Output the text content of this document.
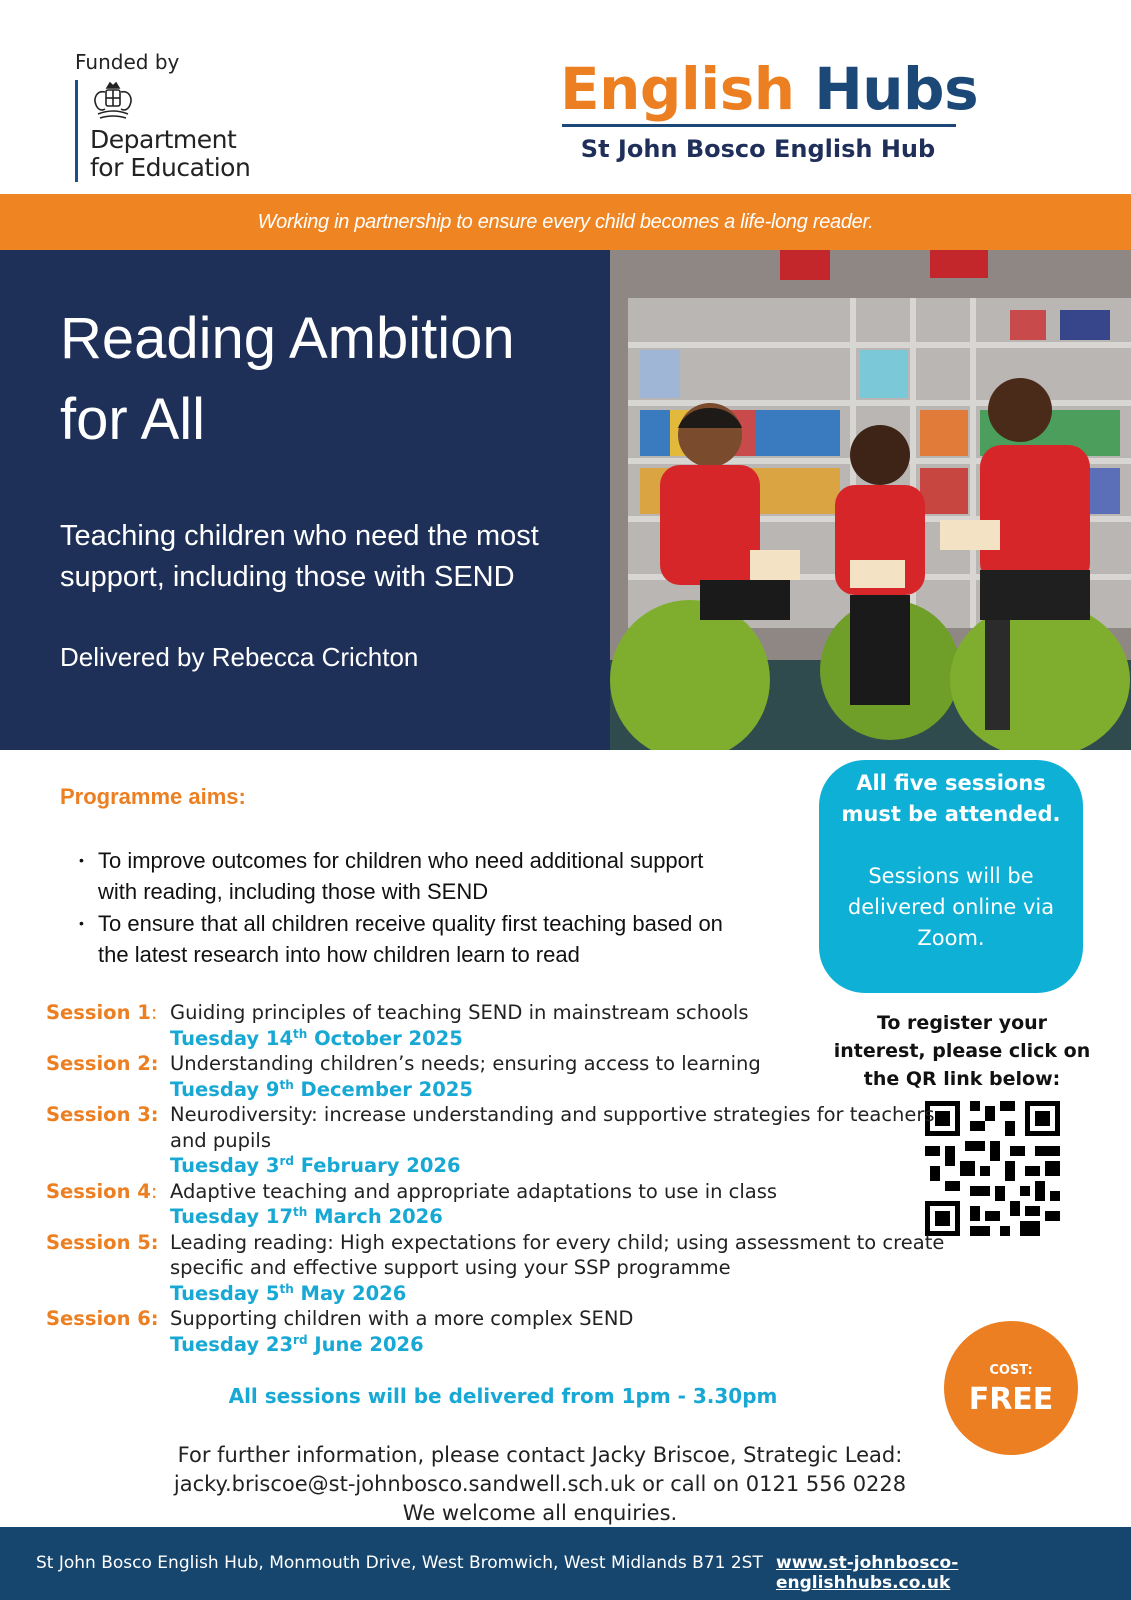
Funded by
Department
for Education
English Hubs
St John Bosco English Hub
Working in partnership to ensure every child becomes a life-long reader.
Reading Ambition
for All
Teaching children who need the most support, including those with SEND
Delivered by Rebecca Crichton
Programme aims:
• To improve outcomes for children who need additional support with reading, including those with SEND
• To ensure that all children receive quality first teaching based on the latest research into how children learn to read
All five sessions must be attended.
Sessions will be delivered online via Zoom.
To register your interest, please click on the QR link below:
Session 1: Guiding principles of teaching SEND in mainstream schools
Tuesday 14th October 2025
Session 2: Understanding children’s needs; ensuring access to learning
Tuesday 9th December 2025
Session 3: Neurodiversity: increase understanding and supportive strategies for teachers and pupils
Tuesday 3rd February 2026
Session 4: Adaptive teaching and appropriate adaptations to use in class
Tuesday 17th March 2026
Session 5: Leading reading: High expectations for every child; using assessment to create specific and effective support using your SSP programme
Tuesday 5th May 2026
Session 6: Supporting children with a more complex SEND
Tuesday 23rd June 2026
All sessions will be delivered from 1pm - 3.30pm
COST:
FREE
For further information, please contact Jacky Briscoe, Strategic Lead:
jacky.briscoe@st-johnbosco.sandwell.sch.uk or call on 0121 556 0228
We welcome all enquiries.
St John Bosco English Hub, Monmouth Drive, West Bromwich, West Midlands B71 2ST www.st-johnbosco-englishhubs.co.uk
